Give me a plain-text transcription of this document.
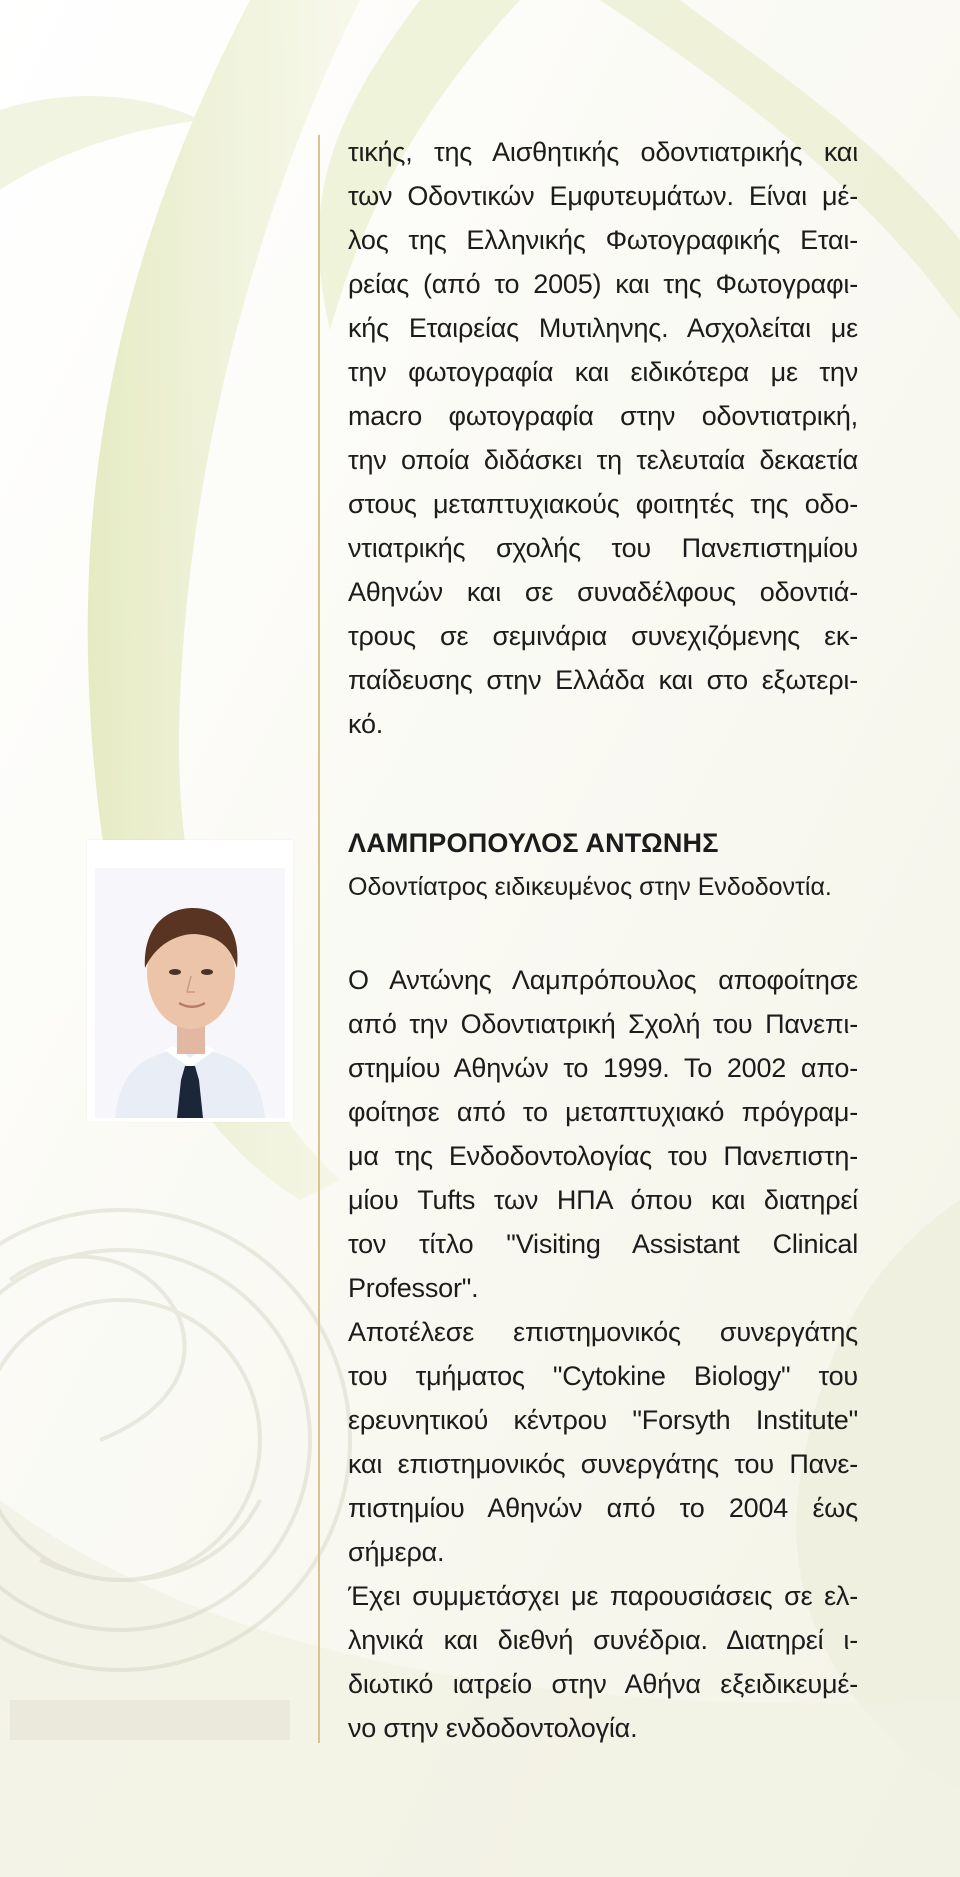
τικής, της Αισθητικής οδοντιατρικής και
των Οδοντικών Εμφυτευμάτων. Είναι μέ-
λος της Ελληνικής Φωτογραφικής Εται-
ρείας (από το 2005) και της Φωτογραφι-
κής Εταιρείας Μυτιληνης. Ασχολείται με
την φωτογραφία και ειδικότερα με την
macro φωτογραφία στην οδοντιατρική,
την οποία διδάσκει τη τελευταία δεκαετία
στους μεταπτυχιακούς φοιτητές της οδο-
ντιατρικής σχολής του Πανεπιστημίου
Αθηνών και σε συναδέλφους οδοντιά-
τρους σε σεμινάρια συνεχιζόμενης εκ-
παίδευσης στην Ελλάδα και στο εξωτερι-
κό.
ΛΑΜΠΡΟΠΟΥΛΟΣ ΑΝΤΩΝΗΣ

Οδοντίατρος ειδικευμένος στην Ενδοδοντία.

Ο Αντώνης Λαμπρόπουλος αποφοίτησε
από την Οδοντιατρική Σχολή του Πανεπι-
στημίου Αθηνών το 1999. Το 2002 απο-
φοίτησε από το μεταπτυχιακό πρόγραμ-
μα της Ενδοδοντολογίας του Πανεπιστη-
μίου Tufts των ΗΠΑ όπου και διατηρεί
τον τίτλο "Visiting Assistant Clinical
Professor".
Αποτέλεσε επιστημονικός συνεργάτης
του τμήματος "Cytokine Biology" του
ερευνητικού κέντρου "Forsyth Institute"
και επιστημονικός συνεργάτης του Πανε-
πιστημίου Αθηνών από το 2004 έως
σήμερα.
Έχει συμμετάσχει με παρουσιάσεις σε ελ-
ληνικά και διεθνή συνέδρια. Διατηρεί ι-
διωτικό ιατρείο στην Αθήνα εξειδικευμέ-
νο στην ενδοδοντολογία.
